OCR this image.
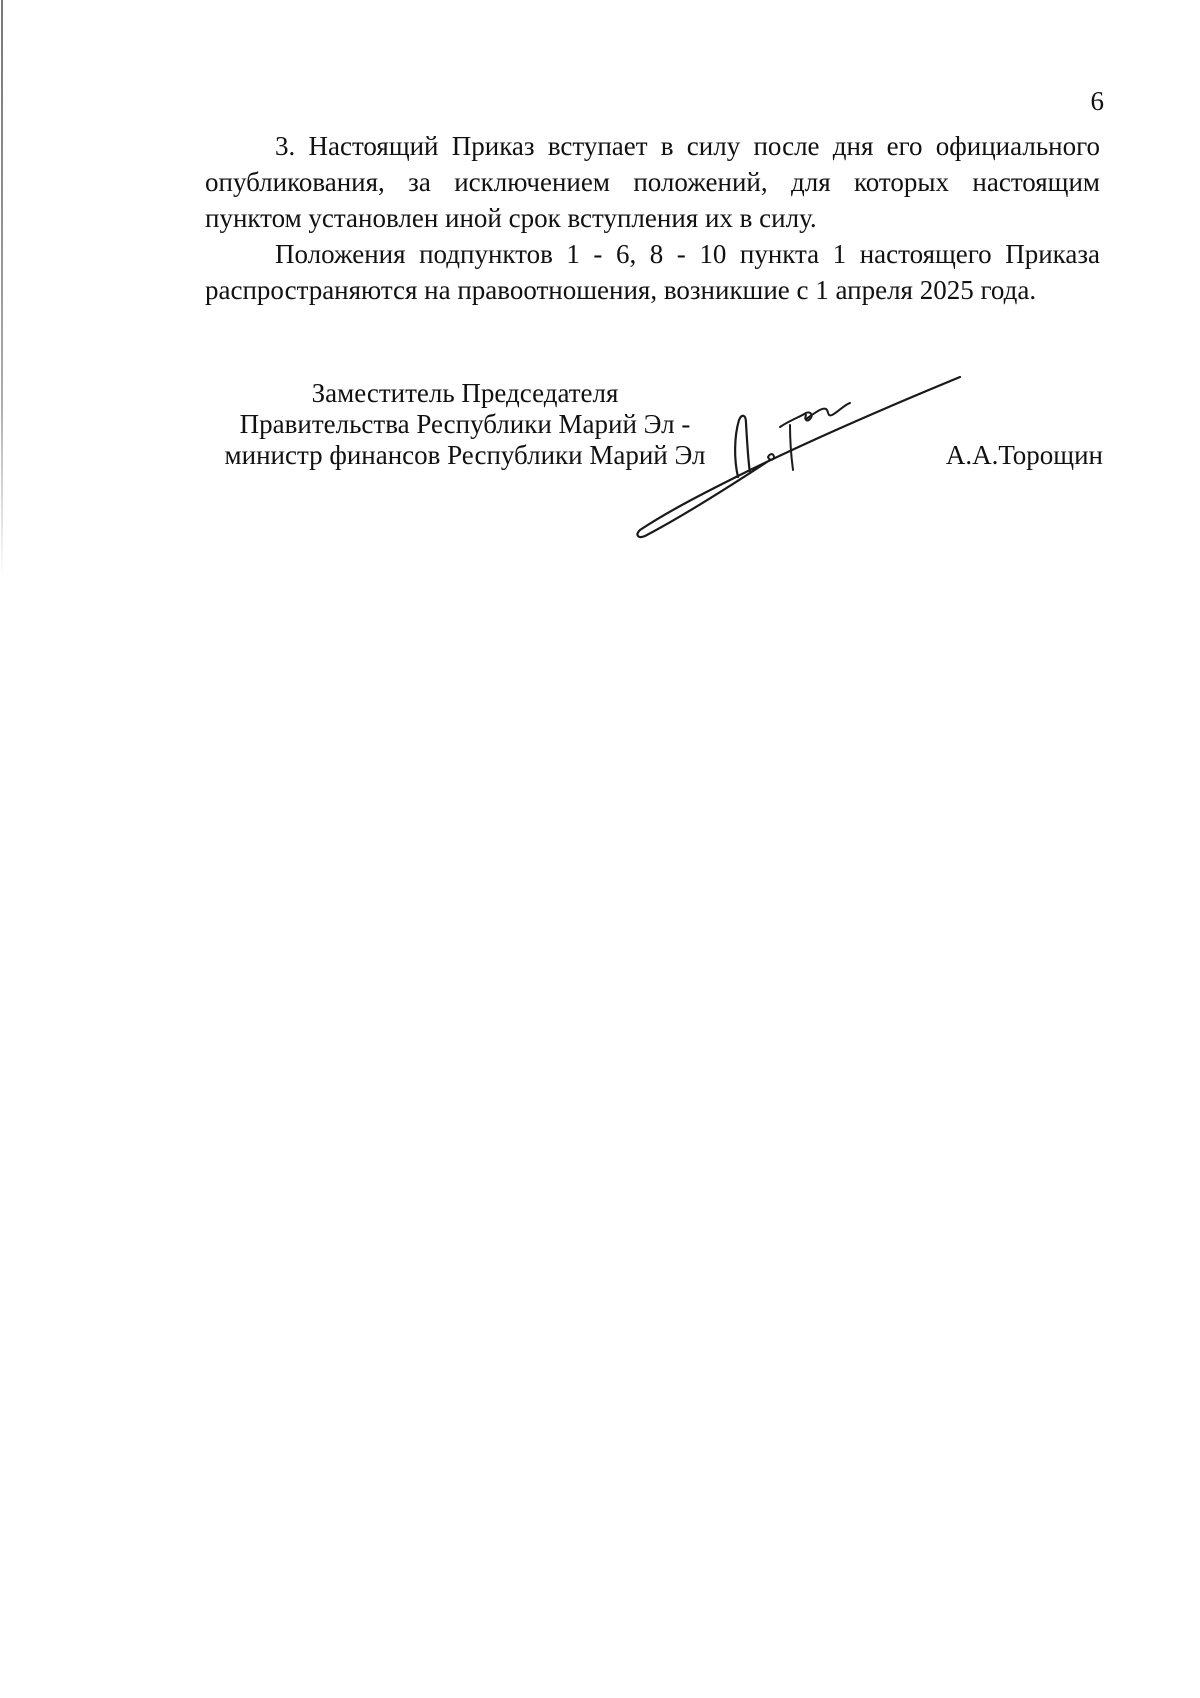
6

3. Настоящий Приказ вступает в силу после дня его официального опубликования, за исключением положений, для которых настоящим пунктом установлен иной срок вступления их в силу.

Положения подпунктов 1 - 6, 8 - 10 пункта 1 настоящего Приказа распространяются на правоотношения, возникшие с 1 апреля 2025 года.

Заместитель Председателя
Правительства Республики Марий Эл -
министр финансов Республики Марий Эл	А.А.Торощин
